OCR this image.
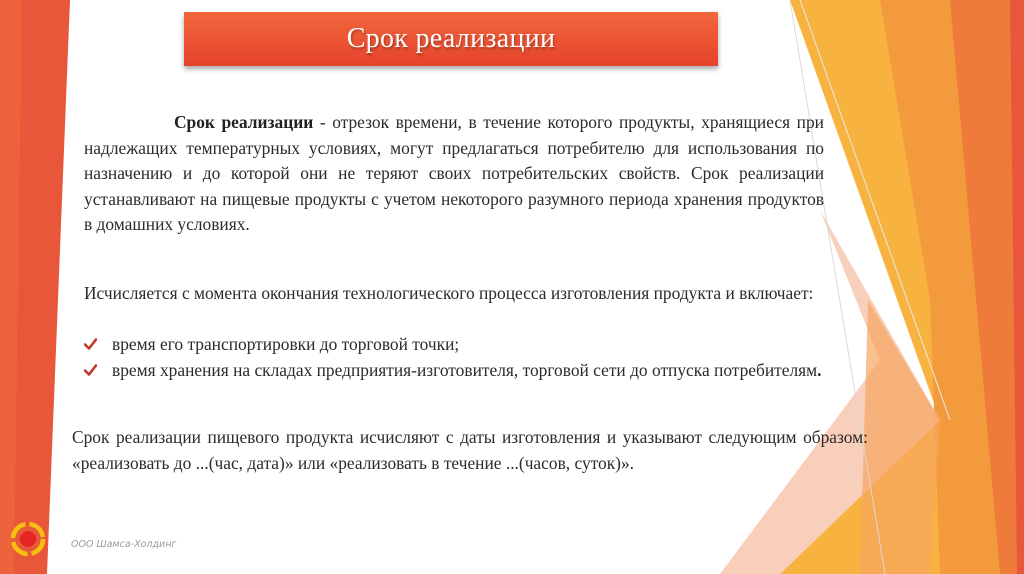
Срок реализации
Срок реализации - отрезок времени, в течение которого продукты, хранящиеся при надлежащих температурных условиях, могут предлагаться потребителю для использования по назначению и до которой они не теряют своих потребительских свойств. Срок реализации устанавливают на пищевые продукты с учетом некоторого разумного периода хранения продуктов в домашних условиях.
Исчисляется с момента окончания технологического процесса изготовления продукта и включает:
время его транспортировки до торговой точки;
время хранения на складах предприятия-изготовителя, торговой сети до отпуска потребителям.
Срок реализации пищевого продукта исчисляют с даты изготовления и указывают следующим образом: «реализовать до ...(час, дата)» или «реализовать в течение ...(часов, суток)».
ООО Шамса-Холдинг
